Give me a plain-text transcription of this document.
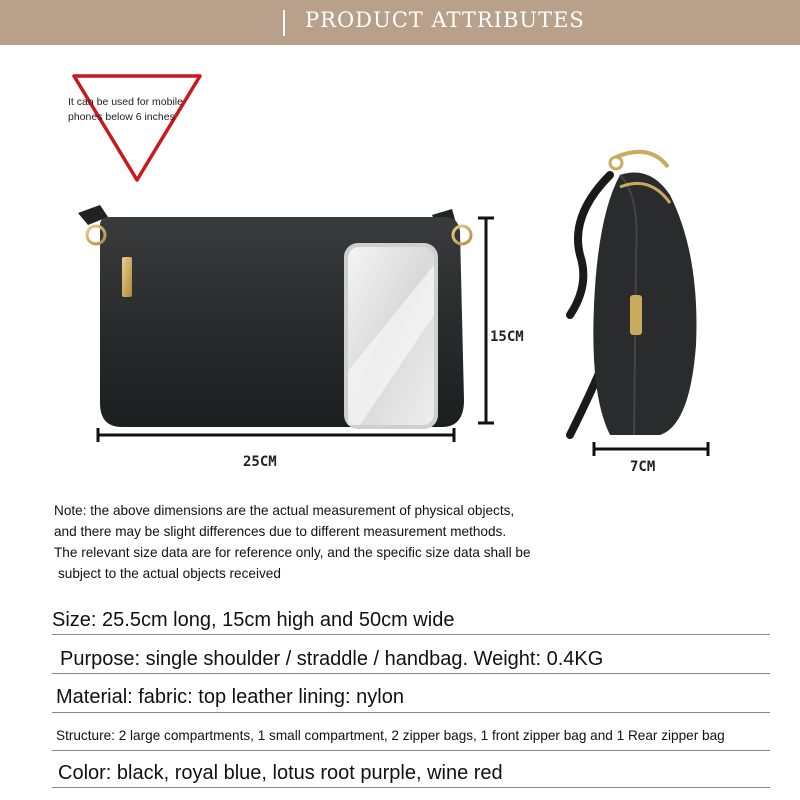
PRODUCT ATTRIBUTES
It can be used for mobile
phones below 6 inches
15CM
25CM	7CM
Note: the above dimensions are the actual measurement of physical objects,
and there may be slight differences due to different measurement methods.
The relevant size data are for reference only, and the specific size data shall be
subject to the actual objects received
Size: 25.5cm long, 15cm high and 50cm wide
Purpose: single shoulder / straddle / handbag. Weight: 0.4KG
Material: fabric: top leather lining: nylon
Structure: 2 large compartments, 1 small compartment, 2 zipper bags, 1 front zipper bag and 1 Rear zipper bag
Color: black, royal blue, lotus root purple, wine red
